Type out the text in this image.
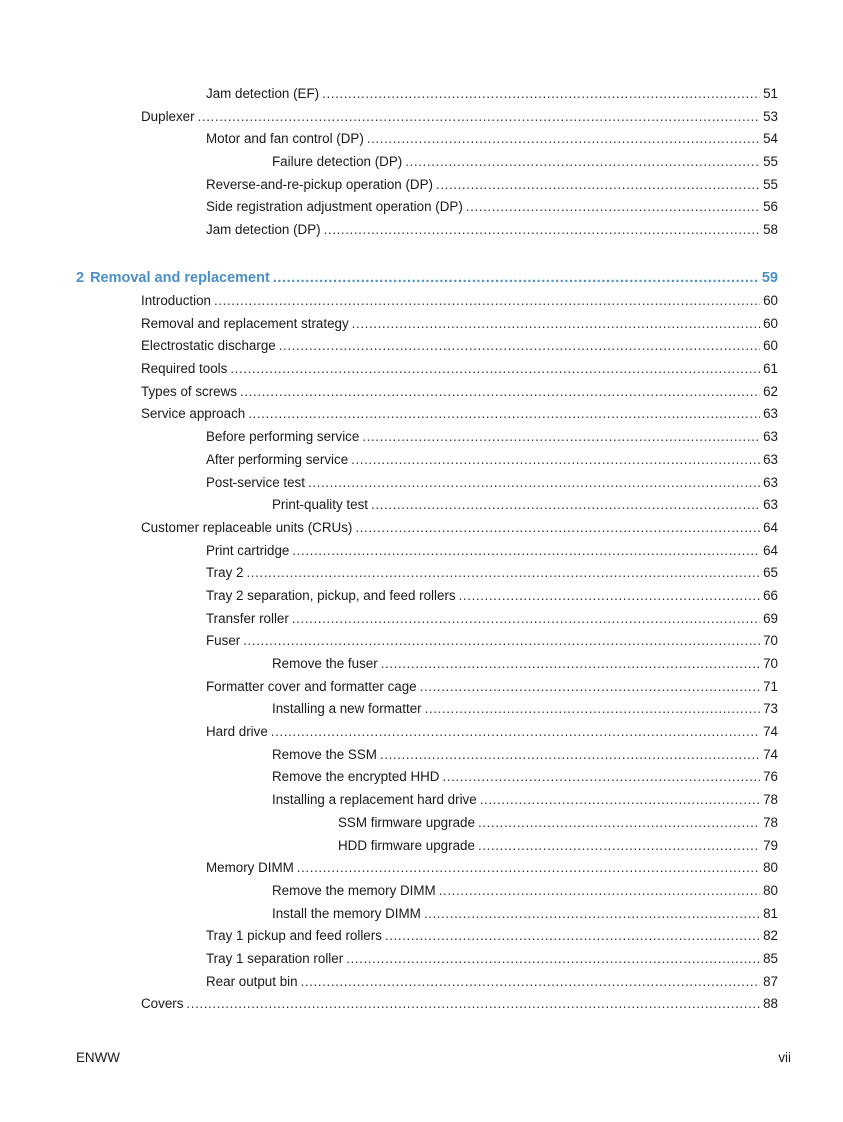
Jam detection (EF) .....	51
Duplexer .....	53
Motor and fan control (DP) .....	54
Failure detection (DP) .....	55
Reverse-and-re-pickup operation (DP) .....	55
Side registration adjustment operation (DP) .....	56
Jam detection (DP) .....	58
2 Removal and replacement .....	59
Introduction .....	60
Removal and replacement strategy .....	60
Electrostatic discharge .....	60
Required tools .....	61
Types of screws .....	62
Service approach .....	63
Before performing service .....	63
After performing service .....	63
Post-service test .....	63
Print-quality test .....	63
Customer replaceable units (CRUs) .....	64
Print cartridge .....	64
Tray 2 .....	65
Tray 2 separation, pickup, and feed rollers .....	66
Transfer roller .....	69
Fuser .....	70
Remove the fuser .....	70
Formatter cover and formatter cage .....	71
Installing a new formatter .....	73
Hard drive .....	74
Remove the SSM .....	74
Remove the encrypted HHD .....	76
Installing a replacement hard drive .....	78
SSM firmware upgrade .....	78
HDD firmware upgrade .....	79
Memory DIMM .....	80
Remove the memory DIMM .....	80
Install the memory DIMM .....	81
Tray 1 pickup and feed rollers .....	82
Tray 1 separation roller .....	85
Rear output bin .....	87
Covers .....	88
ENWW	vii
